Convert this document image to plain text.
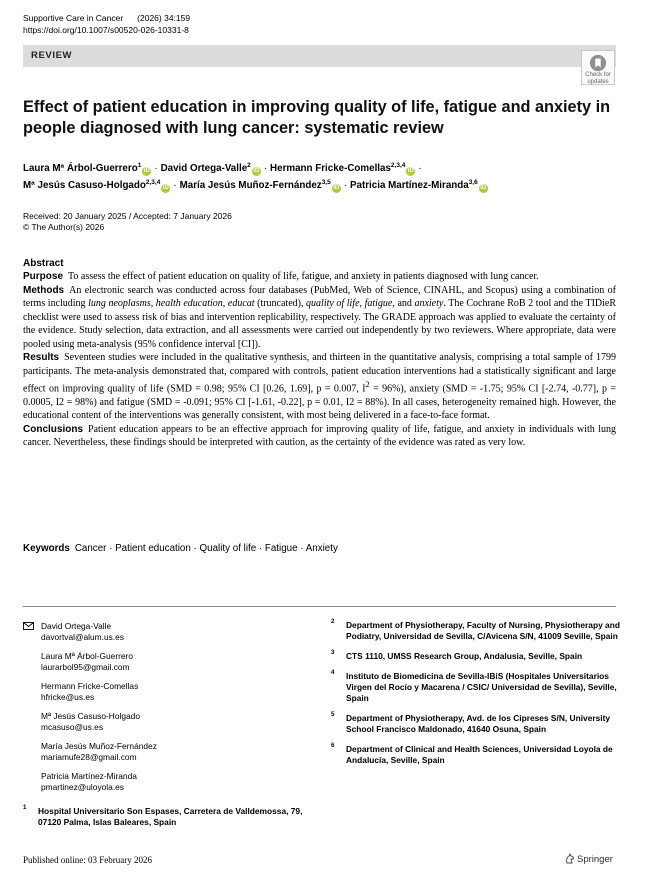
Supportive Care in Cancer (2026) 34:159
https://doi.org/10.1007/s00520-026-10331-8
REVIEW
Check for
updates
Effect of patient education in improving quality of life, fatigue and anxiety in people diagnosed with lung cancer: systematic review
Laura Mª Árbol-Guerrero$^1$iD · David Ortega-Valle$^2$iD · Hermann Fricke-Comellas$^{2,3,4}$iD ·
Mª Jesús Casuso-Holgado$^{2,3,4}$iD · María Jesús Muñoz-Fernández$^{3,5}$iD · Patricia Martínez-Miranda$^{3,6}$iD
Received: 20 January 2025 / Accepted: 7 January 2026
© The Author(s) 2026
Abstract

Purpose To assess the effect of patient education on quality of life, fatigue, and anxiety in patients diagnosed with lung cancer.

Methods An electronic search was conducted across four databases (PubMed, Web of Science, CINAHL, and Scopus) using a combination of terms including lung neoplasms, health education, educat (truncated), quality of life, fatigue, and anxiety. The Cochrane RoB 2 tool and the TIDieR checklist were used to assess risk of bias and intervention replicability, respectively. The GRADE approach was applied to evaluate the certainty of the evidence. Study selection, data extraction, and all assessments were carried out independently by two reviewers. Where appropriate, data were pooled using meta-analysis (95% confidence interval [CI]).

Results Seventeen studies were included in the qualitative synthesis, and thirteen in the quantitative analysis, comprising a total sample of 1799 participants. The meta-analysis demonstrated that, compared with controls, patient education interventions had a statistically significant and large effect on improving quality of life (SMD = 0.98; 95% CI [0.26, 1.69], p = 0.007, $I^2 = 96\%$), anxiety (SMD = -1.75; 95% CI [-2.74, -0.77], p = 0.0005, I2 = 98%) and fatigue (SMD = -0.091; 95% CI [-1.61, -0.22], p = 0.01, I2 = 88%). In all cases, heterogeneity remained high. However, the educational content of the interventions was generally consistent, with most being delivered in a face-to-face format.

Conclusions Patient education appears to be an effective approach for improving quality of life, fatigue, and anxiety in individuals with lung cancer. Nevertheless, these findings should be interpreted with caution, as the certainty of the evidence was rated as very low.

Keywords Cancer · Patient education · Quality of life · Fatigue · Anxiety
David Ortega-Valle
davortval@alum.us.es
Laura Mª Árbol-Guerrero
laurarbol95@gmail.com
Hermann Fricke-Comellas
hfricke@us.es
Mª Jesús Casuso-Holgado
mcasuso@us.es
María Jesús Muñoz-Fernández
mariamufe28@gmail.com
Patricia Martínez-Miranda
pmartinez@uloyola.es
1 Hospital Universitario Son Espases, Carretera de Valldemossa, 79, 07120 Palma, Islas Baleares, Spain
2 Department of Physiotherapy, Faculty of Nursing, Physiotherapy and Podiatry, Universidad de Sevilla, C/Avicena S/N, 41009 Seville, Spain
3 CTS 1110, UMSS Research Group, Andalusia, Seville, Spain
4 Instituto de Biomedicina de Sevilla-IBiS (Hospitales Universitarios Virgen del Rocío y Macarena / CSIC/ Universidad de Sevilla), Seville, Spain
5 Department of Physiotherapy, Avd. de los Cipreses S/N, University School Francisco Maldonado, 41640 Osuna, Spain
6 Department of Clinical and Health Sciences, Universidad Loyola de Andalucía, Seville, Spain
Published online: 03 February 2026	Springer
